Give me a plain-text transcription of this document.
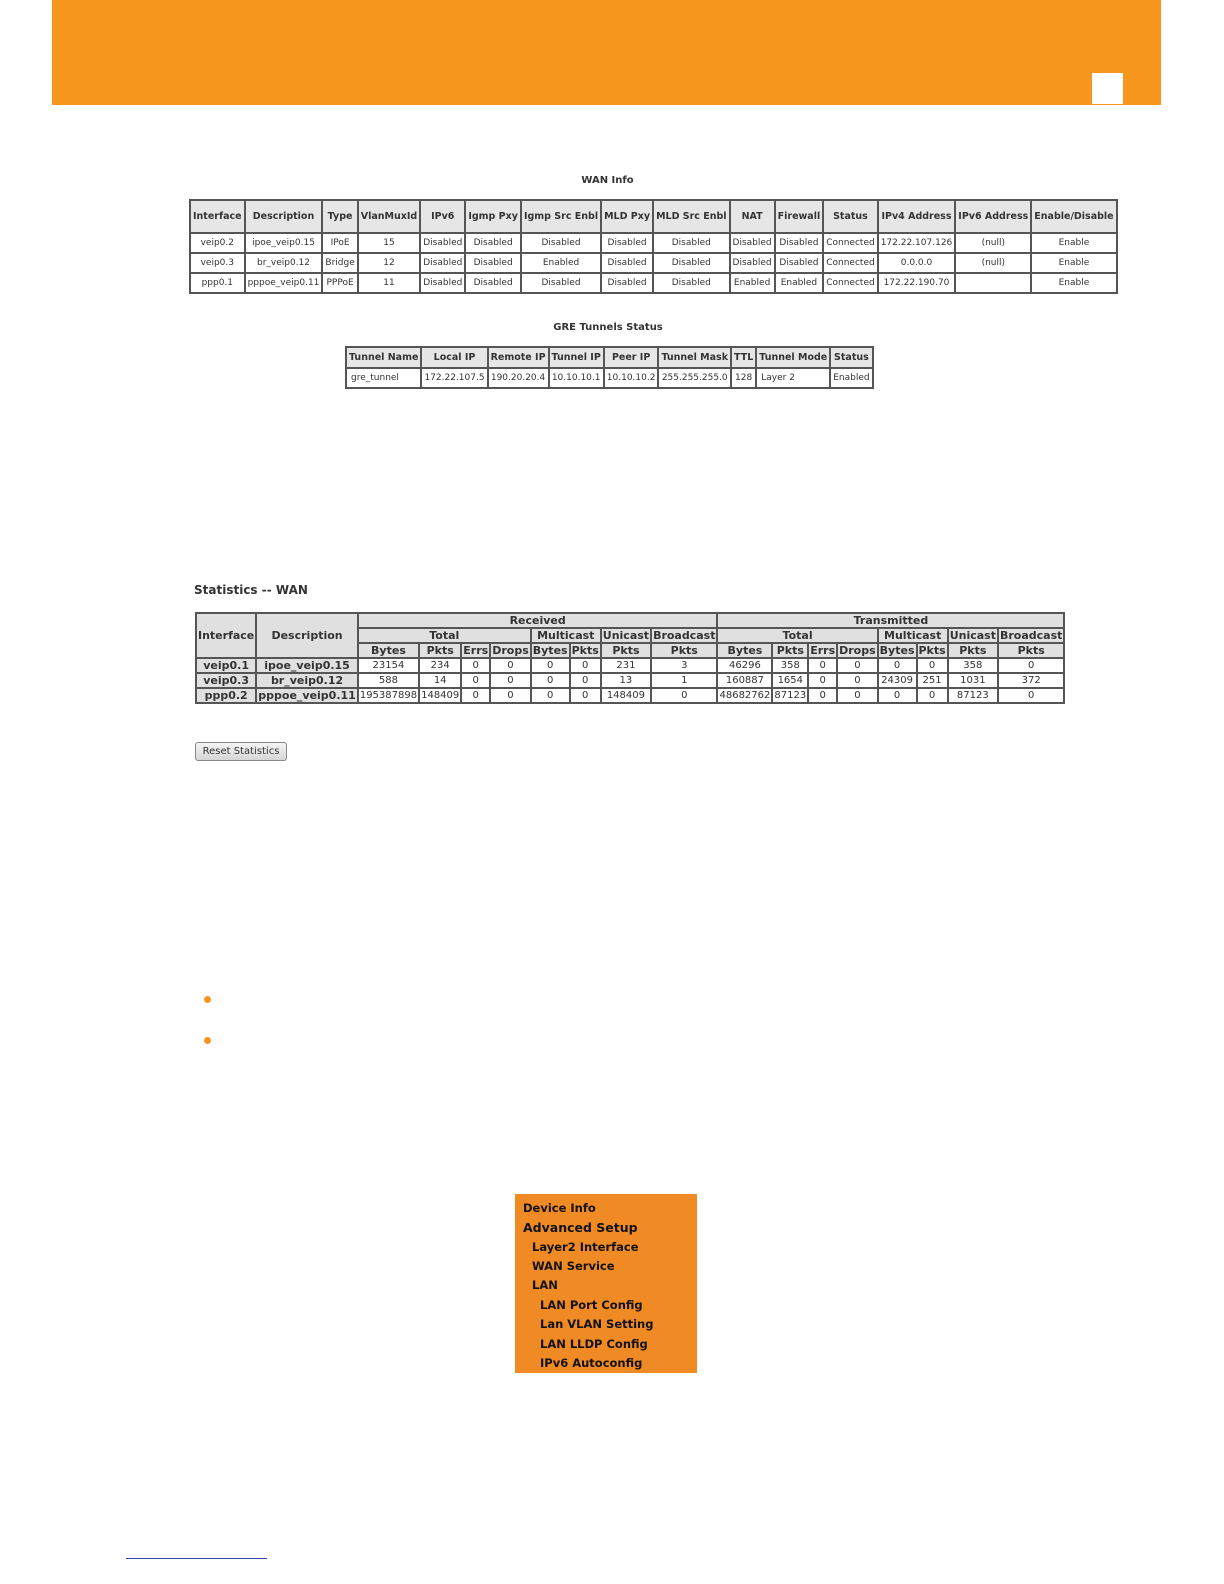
WAN Info
Interface	Description	Type	VlanMuxId	IPv6	Igmp Pxy	Igmp Src Enbl	MLD Pxy	MLD Src Enbl	NAT	Firewall	Status	IPv4 Address	IPv6 Address	Enable/Disable
veip0.2	ipoe_veip0.15	IPoE	15	Disabled	Disabled	Disabled	Disabled	Disabled	Disabled	Disabled	Connected	172.22.107.126	(null)	Enable
veip0.3	br_veip0.12	Bridge	12	Disabled	Disabled	Enabled	Disabled	Disabled	Disabled	Disabled	Connected	0.0.0.0	(null)	Enable
ppp0.1	pppoe_veip0.11	PPPoE	11	Disabled	Disabled	Disabled	Disabled	Disabled	Enabled	Enabled	Connected	172.22.190.70		Enable
GRE Tunnels Status
Tunnel Name	Local IP	Remote IP	Tunnel IP	Peer IP	Tunnel Mask	TTL	Tunnel Mode	Status
gre_tunnel	172.22.107.5	190.20.20.4	10.10.10.1	10.10.10.2	255.255.255.0	128	Layer 2	Enabled
Statistics -- WAN
Interface	Description	Received								Transmitted							
		Total				Multicast		Unicast	Broadcast	Total				Multicast		Unicast	Broadcast
		Bytes	Pkts	Errs	Drops	Bytes	Pkts	Pkts	Pkts	Bytes	Pkts	Errs	Drops	Bytes	Pkts	Pkts	Pkts
veip0.1	ipoe_veip0.15	23154	234	0	0	0	0	231	3	46296	358	0	0	0	0	358	0
veip0.3	br_veip0.12	588	14	0	0	0	0	13	1	160887	1654	0	0	24309	251	1031	372
ppp0.2	pppoe_veip0.11	195387898	148409	0	0	0	0	148409	0	48682762	87123	0	0	0	0	87123	0
Reset Statistics
Device Info
Advanced Setup
Layer2 Interface
WAN Service
LAN
LAN Port Config
Lan VLAN Setting
LAN LLDP Config
IPv6 Autoconfig
